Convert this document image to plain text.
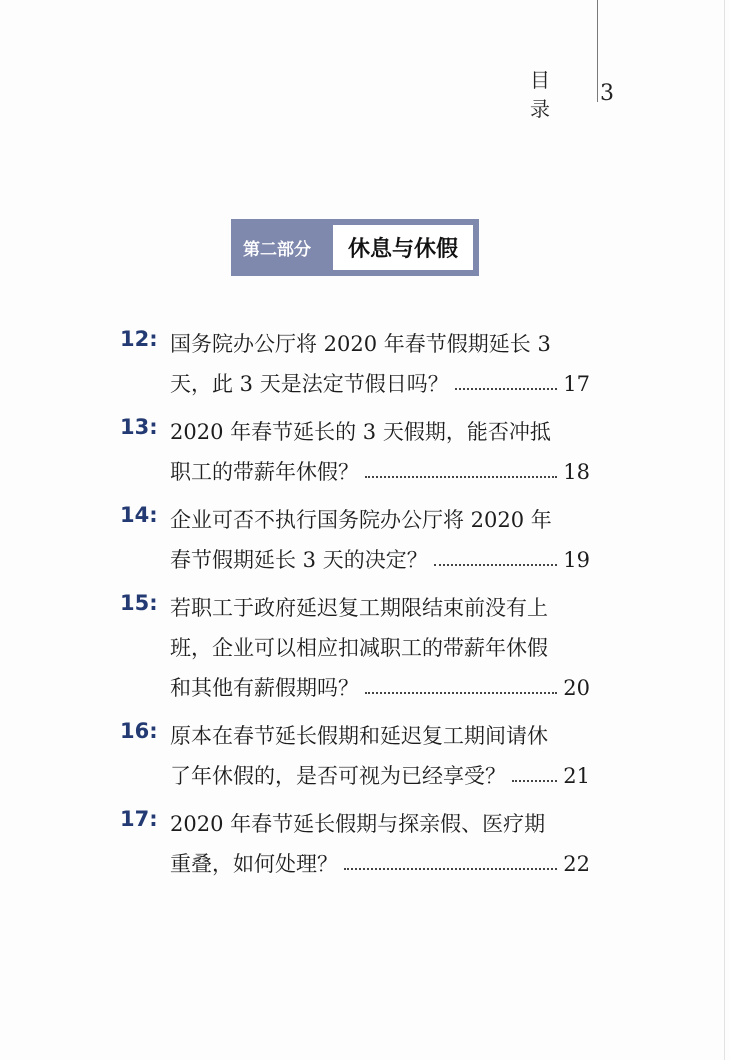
目录
3
第二部分	休息与休假
12: 国务院办公厅将 2020 年春节假期延长 3
天，此 3 天是法定节假日吗？	17
13: 2020 年春节延长的 3 天假期，能否冲抵
职工的带薪年休假？	18
14: 企业可否不执行国务院办公厅将 2020 年
春节假期延长 3 天的决定？	19
15: 若职工于政府延迟复工期限结束前没有上
班，企业可以相应扣减职工的带薪年休假
和其他有薪假期吗？	20
16: 原本在春节延长假期和延迟复工期间请休
了年休假的，是否可视为已经享受？	21
17: 2020 年春节延长假期与探亲假、医疗期
重叠，如何处理？	22
